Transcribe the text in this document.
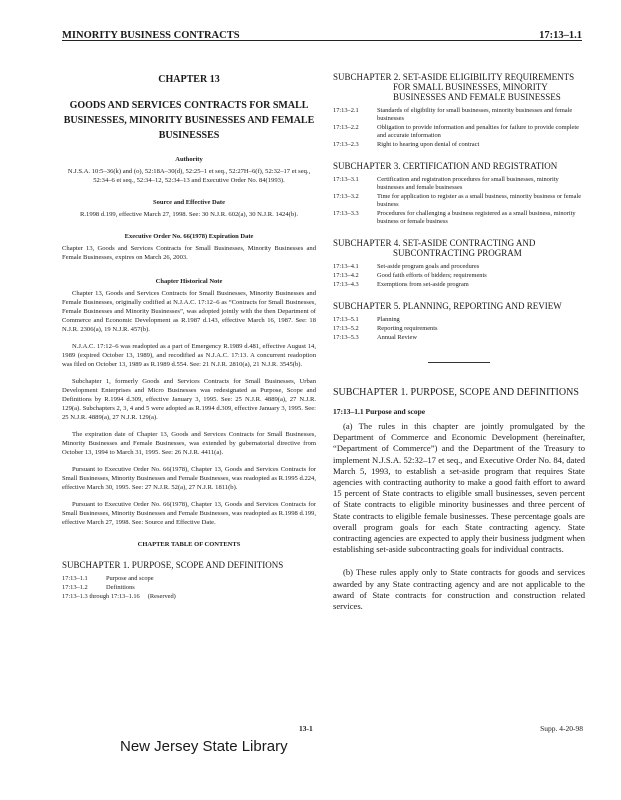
MINORITY BUSINESS CONTRACTS	17:13–1.1
CHAPTER 13
GOODS AND SERVICES CONTRACTS FOR SMALL BUSINESSES, MINORITY BUSINESSES AND FEMALE BUSINESSES
Authority
N.J.S.A. 10:5–36(k) and (o), 52:18A–30(d), 52:25–1 et seq., 52:27H–6(f), 52:32–17 et seq., 52:34–6 et seq., 52:34–12, 52:34–13 and Executive Order No. 84(1993).
Source and Effective Date
R.1998 d.199, effective March 27, 1998. See: 30 N.J.R. 602(a), 30 N.J.R. 1424(b).
Executive Order No. 66(1978) Expiration Date
Chapter 13, Goods and Services Contracts for Small Businesses, Minority Businesses and Female Businesses, expires on March 26, 2003.
Chapter Historical Note
Chapter 13, Goods and Services Contracts for Small Businesses, Minority Businesses and Female Businesses, originally codified at N.J.A.C. 17:12–6 as “Contracts for Small Businesses, Female Businesses and Minority Businesses”, was adopted jointly with the then Department of Commerce and Economic Development as R.1987 d.143, effective March 16, 1987. See: 18 N.J.R. 2306(a), 19 N.J.R. 457(b).
N.J.A.C. 17:12–6 was readopted as a part of Emergency R.1989 d.481, effective August 14, 1989 (expired October 13, 1989), and recodified as N.J.A.C. 17:13. A concurrent readoption was filed on October 13, 1989 as R.1989 d.554. See: 21 N.J.R. 2810(a), 21 N.J.R. 3545(b).
Subchapter 1, formerly Goods and Services Contracts for Small Businesses, Urban Development Enterprises and Micro Businesses was redesignated as Purpose, Scope and Definitions by R.1994 d.309, effective January 3, 1995. See: 25 N.J.R. 4889(a), 27 N.J.R. 129(a). Subchapters 2, 3, 4 and 5 were adopted as R.1994 d.309, effective January 3, 1995. See: 25 N.J.R. 4889(a), 27 N.J.R. 129(a).
The expiration date of Chapter 13, Goods and Services Contracts for Small Businesses, Minority Businesses and Female Businesses, was extended by gubernatorial directive from October 13, 1994 to March 31, 1995. See: 26 N.J.R. 4411(a).
Pursuant to Executive Order No. 66(1978), Chapter 13, Goods and Services Contracts for Small Businesses, Minority Businesses and Female Businesses, was readopted as R.1995 d.224, effective March 30, 1995. See: 27 N.J.R. 52(a), 27 N.J.R. 1811(b).
Pursuant to Executive Order No. 66(1978), Chapter 13, Goods and Services Contracts for Small Businesses, Minority Businesses and Female Businesses, was readopted as R.1998 d.199, effective March 27, 1998. See: Source and Effective Date.
CHAPTER TABLE OF CONTENTS
SUBCHAPTER 1. PURPOSE, SCOPE AND DEFINITIONS
17:13–1.1	Purpose and scope
17:13–1.2	Definitions
17:13–1.3 through 17:13–1.16 (Reserved)
SUBCHAPTER 2. SET-ASIDE ELIGIBILITY REQUIREMENTS FOR SMALL BUSINESSES, MINORITY BUSINESSES AND FEMALE BUSINESSES
17:13–2.1	Standards of eligibility for small businesses, minority businesses and female businesses
17:13–2.2	Obligation to provide information and penalties for failure to provide complete and accurate information
17:13–2.3	Right to hearing upon denial of contract
SUBCHAPTER 3. CERTIFICATION AND REGISTRATION
17:13–3.1	Certification and registration procedures for small businesses, minority businesses and female businesses
17:13–3.2	Time for application to register as a small business, minority business or female business
17:13–3.3	Procedures for challenging a business registered as a small business, minority business or female business
SUBCHAPTER 4. SET-ASIDE CONTRACTING AND SUBCONTRACTING PROGRAM
17:13–4.1	Set-aside program goals and procedures
17:13–4.2	Good faith efforts of bidders; requirements
17:13–4.3	Exemptions from set-aside program
SUBCHAPTER 5. PLANNING, REPORTING AND REVIEW
17:13–5.1	Planning
17:13–5.2	Reporting requirements
17:13–5.3	Annual Review
SUBCHAPTER 1. PURPOSE, SCOPE AND DEFINITIONS
17:13–1.1 Purpose and scope
(a) The rules in this chapter are jointly promulgated by the Department of Commerce and Economic Development (hereinafter, “Department of Commerce”) and the Department of the Treasury to implement N.J.S.A. 52:32–17 et seq., and Executive Order No. 84, dated March 5, 1993, to establish a set-aside program that requires State agencies with contracting authority to make a good faith effort to award 15 percent of State contracts to eligible small businesses, seven percent of State contracts to eligible minority businesses and three percent of State contracts to eligible female businesses. These percentage goals are overall program goals for each State contracting agency. State contracting agencies are expected to apply their business judgment when establishing set-aside subcontracting goals for individual contracts.
(b) These rules apply only to State contracts for goods and services awarded by any State contracting agency and are not applicable to the award of State contracts for construction and construction related services.
13-1	Supp. 4-20-98
New Jersey State Library
